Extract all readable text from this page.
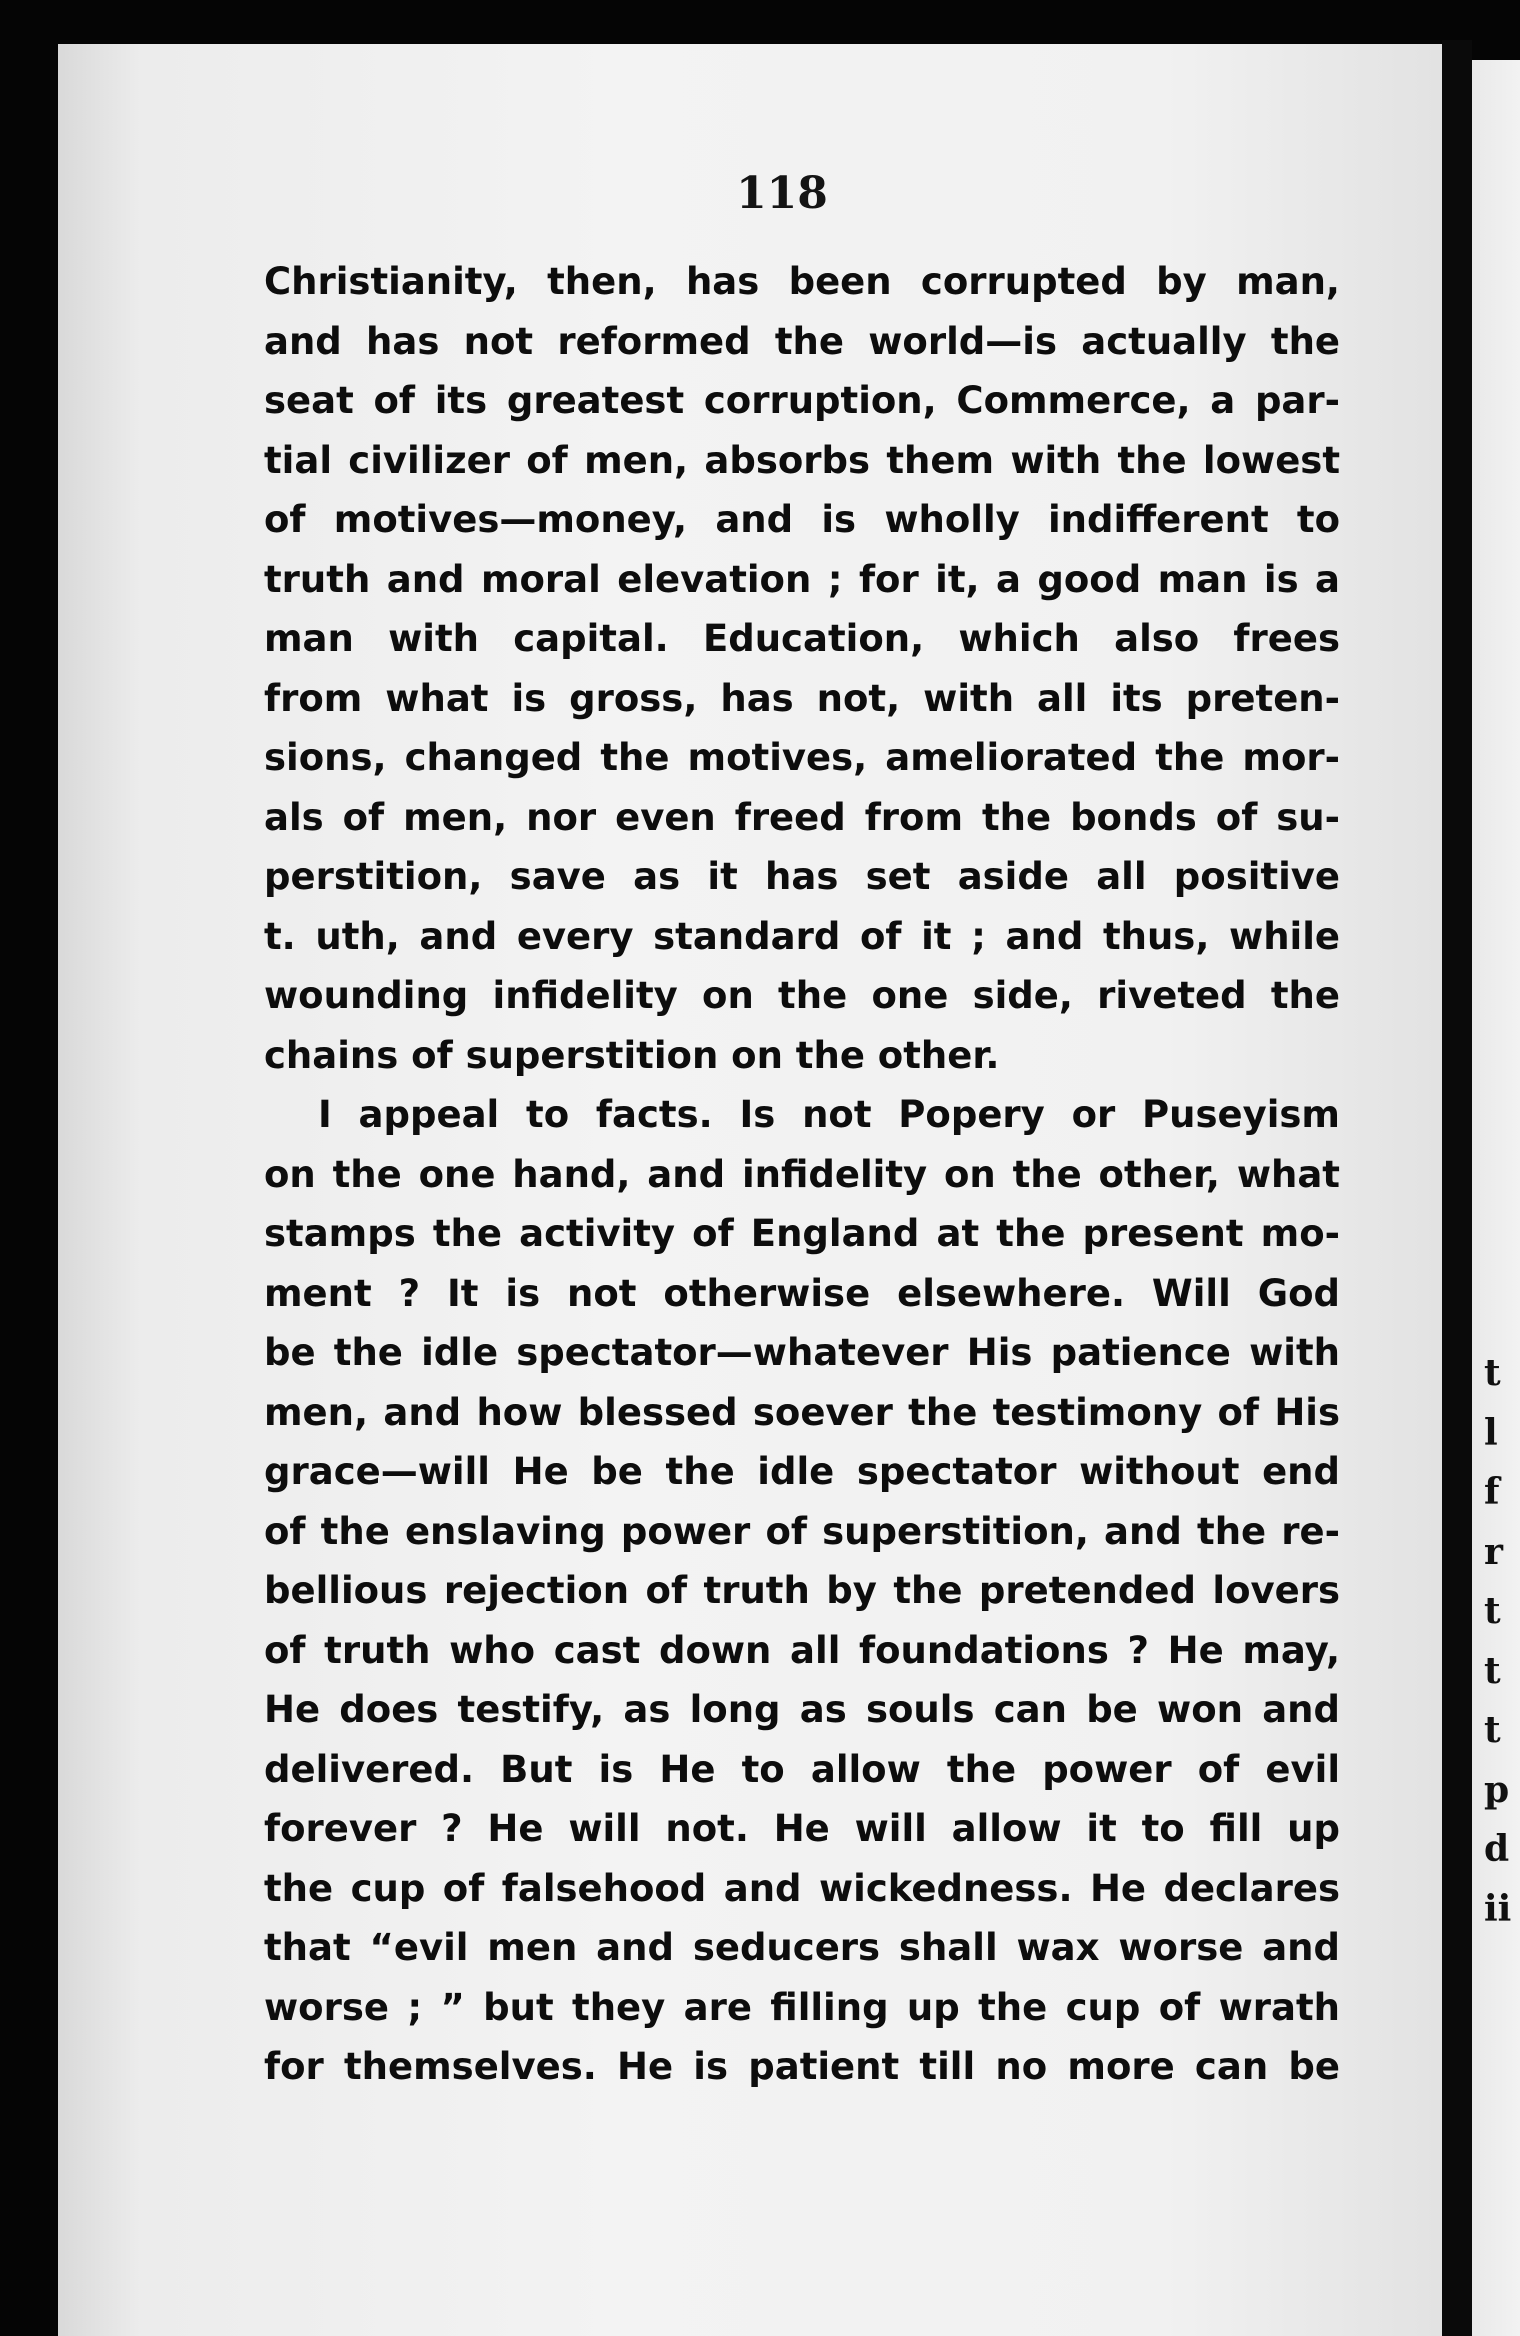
118
Christianity, then, has been corrupted by man,
and has not reformed the world—is actually the
seat of its greatest corruption, Commerce, a par-
tial civilizer of men, absorbs them with the lowest
of motives—money, and is wholly indifferent to
truth and moral elevation ; for it, a good man is a
man with capital. Education, which also frees
from what is gross, has not, with all its preten-
sions, changed the motives, ameliorated the mor-
als of men, nor even freed from the bonds of su-
perstition, save as it has set aside all positive
t. uth, and every standard of it ; and thus, while
wounding infidelity on the one side, riveted the
chains of superstition on the other.
I appeal to facts. Is not Popery or Puseyism
on the one hand, and infidelity on the other, what
stamps the activity of England at the present mo-
ment ? It is not otherwise elsewhere. Will God
be the idle spectator—whatever His patience with
men, and how blessed soever the testimony of His
grace—will He be the idle spectator without end
of the enslaving power of superstition, and the re-
bellious rejection of truth by the pretended lovers
of truth who cast down all foundations ? He may,
He does testify, as long as souls can be won and
delivered. But is He to allow the power of evil
forever ? He will not. He will allow it to fill up
the cup of falsehood and wickedness. He declares
that “evil men and seducers shall wax worse and
worse ; ” but they are filling up the cup of wrath
for themselves. He is patient till no more can be
t
l
f
r
t
t
t
p
d
ii
